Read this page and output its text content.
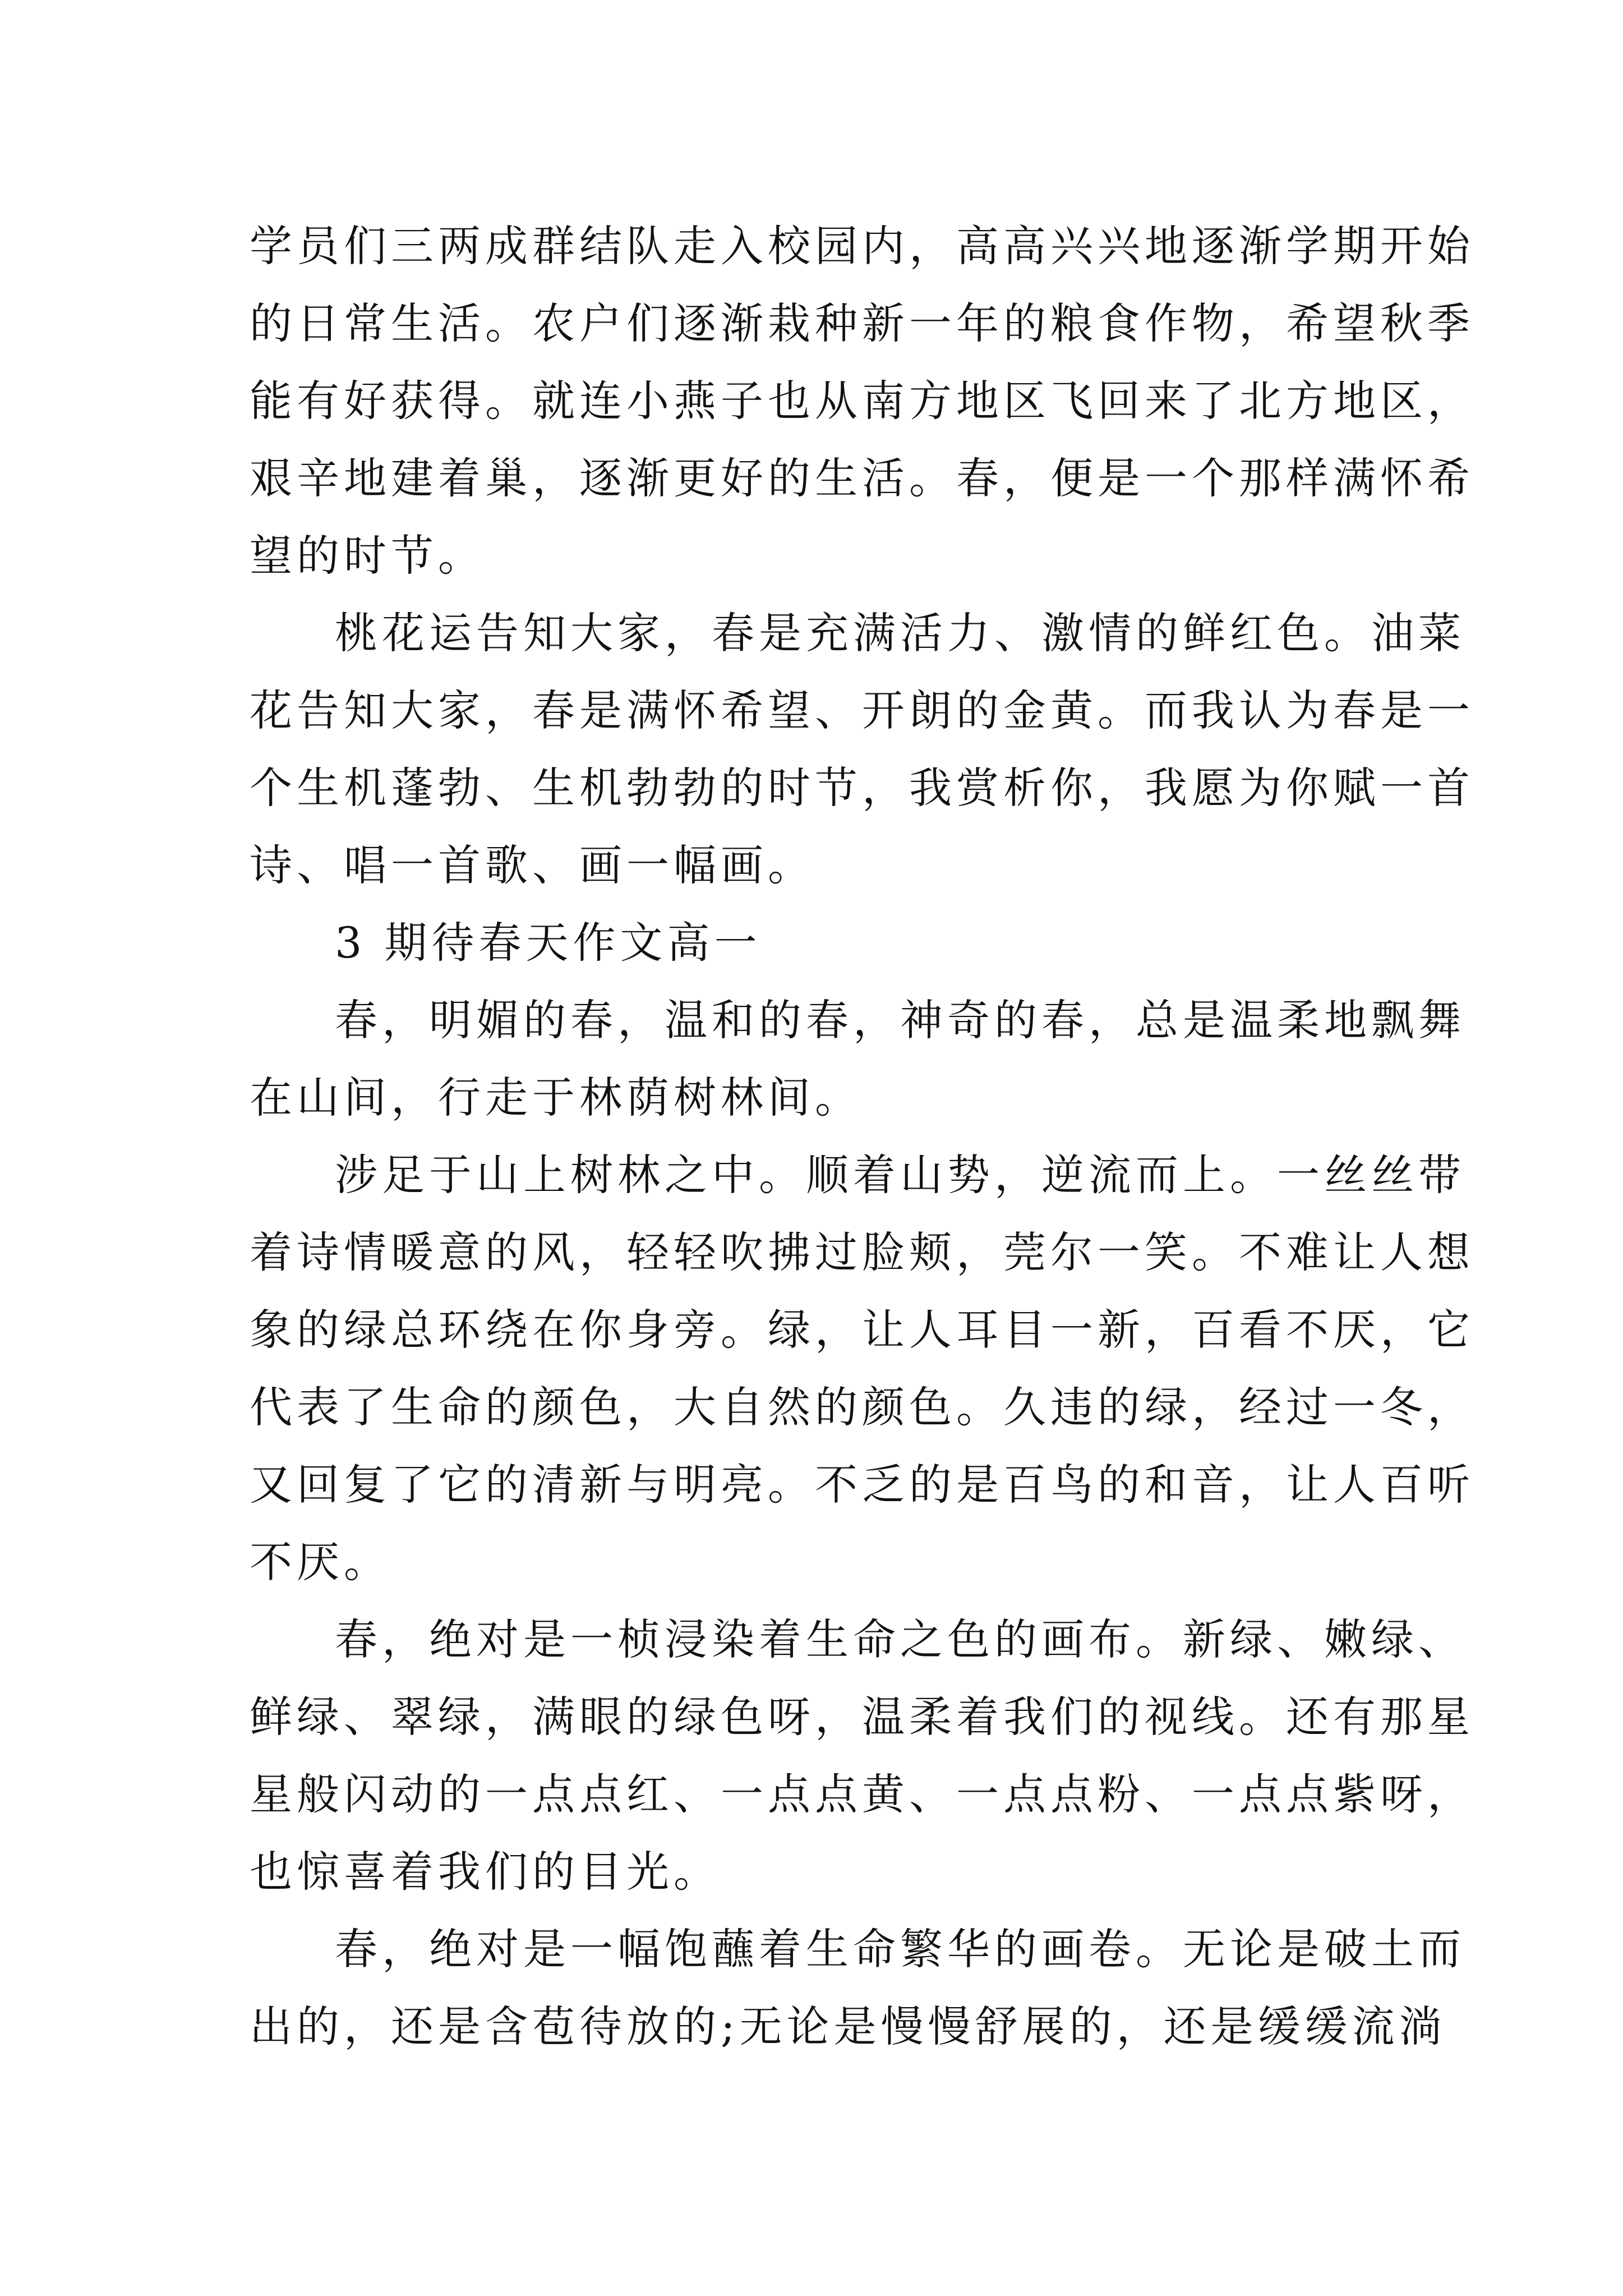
学员们三两成群结队走入校园内，高高兴兴地逐渐学期开始
的日常生活。农户们逐渐栽种新一年的粮食作物，希望秋季
能有好获得。就连小燕子也从南方地区飞回来了北方地区，
艰辛地建着巢，逐渐更好的生活。春，便是一个那样满怀希
望的时节。
桃花运告知大家，春是充满活力、激情的鲜红色。油菜
花告知大家，春是满怀希望、开朗的金黄。而我认为春是一
个生机蓬勃、生机勃勃的时节，我赏析你，我愿为你赋一首
诗、唱一首歌、画一幅画。
3 期待春天作文高一
春，明媚的春，温和的春，神奇的春，总是温柔地飘舞
在山间，行走于林荫树林间。
涉足于山上树林之中。顺着山势，逆流而上。一丝丝带
着诗情暖意的风，轻轻吹拂过脸颊，莞尔一笑。不难让人想
象的绿总环绕在你身旁。绿，让人耳目一新，百看不厌，它
代表了生命的颜色，大自然的颜色。久违的绿，经过一冬，
又回复了它的清新与明亮。不乏的是百鸟的和音，让人百听
不厌。
春，绝对是一桢浸染着生命之色的画布。新绿、嫩绿、
鲜绿、翠绿，满眼的绿色呀，温柔着我们的视线。还有那星
星般闪动的一点点红、一点点黄、一点点粉、一点点紫呀，
也惊喜着我们的目光。
春，绝对是一幅饱蘸着生命繁华的画卷。无论是破土而
出的，还是含苞待放的;无论是慢慢舒展的，还是缓缓流淌
